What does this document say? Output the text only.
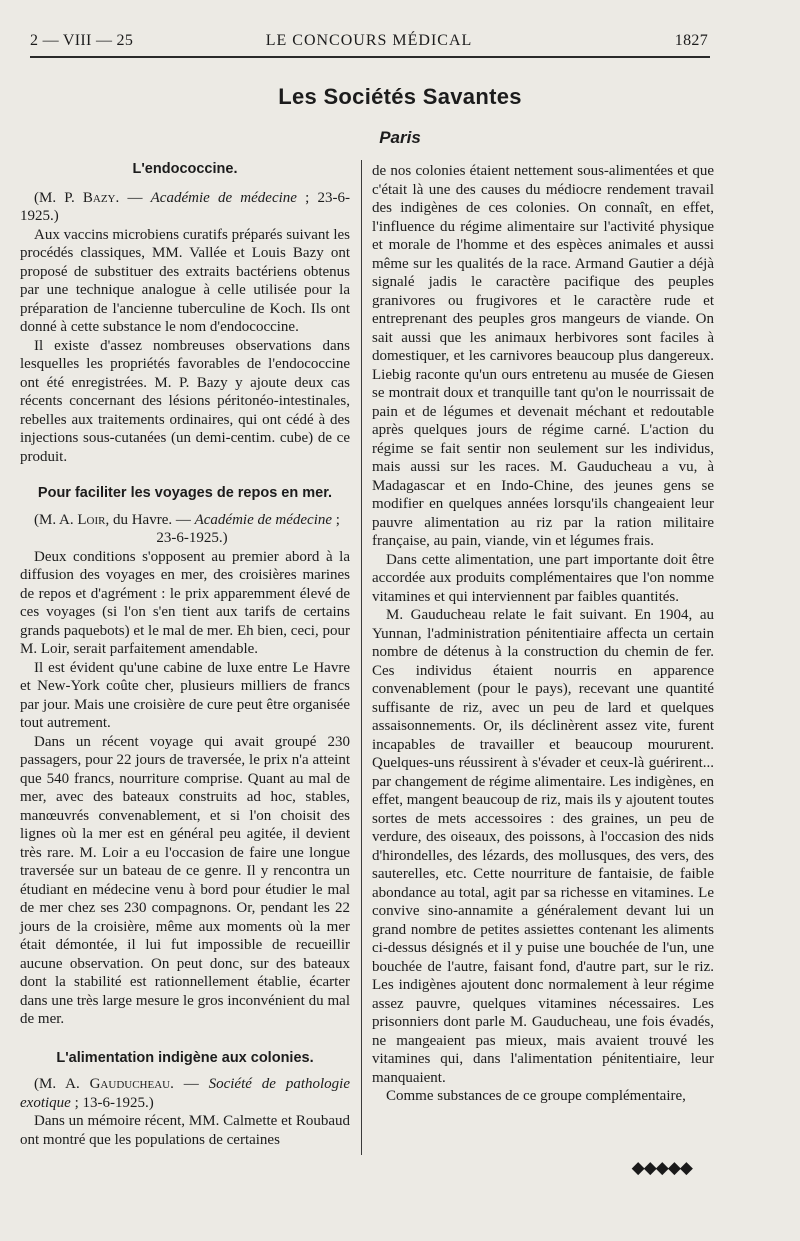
2 — VIII — 25	LE CONCOURS MÉDICAL	1827
Les Sociétés Savantes
Paris
L'endococcine.

(M. P. Bazy. — Académie de médecine ; 23-6-1925.)

Aux vaccins microbiens curatifs préparés suivant les procédés classiques, MM. Vallée et Louis Bazy ont proposé de substituer des extraits bactériens obtenus par une technique analogue à celle utilisée pour la préparation de l'ancienne tuberculine de Koch. Ils ont donné à cette substance le nom d'endococcine.

Il existe d'assez nombreuses observations dans lesquelles les propriétés favorables de l'endococcine ont été enregistrées. M. P. Bazy y ajoute deux cas récents concernant des lésions péritonéo-intestinales, rebelles aux traitements ordinaires, qui ont cédé à des injections sous-cutanées (un demi-centim. cube) de ce produit.

Pour faciliter les voyages de repos en mer.

(M. A. Loir, du Havre. — Académie de médecine ;
23-6-1925.)

Deux conditions s'opposent au premier abord à la diffusion des voyages en mer, des croisières marines de repos et d'agrément : le prix apparemment élevé de ces voyages (si l'on s'en tient aux tarifs de certains grands paquebots) et le mal de mer. Eh bien, ceci, pour M. Loir, serait parfaitement amendable.

Il est évident qu'une cabine de luxe entre Le Havre et New-York coûte cher, plusieurs milliers de francs par jour. Mais une croisière de cure peut être organisée tout autrement.

Dans un récent voyage qui avait groupé 230 passagers, pour 22 jours de traversée, le prix n'a atteint que 540 francs, nourriture comprise. Quant au mal de mer, avec des bateaux construits ad hoc, stables, manœuvrés convenablement, et si l'on choisit des lignes où la mer est en général peu agitée, il devient très rare. M. Loir a eu l'occasion de faire une longue traversée sur un bateau de ce genre. Il y rencontra un étudiant en médecine venu à bord pour étudier le mal de mer chez ses 230 compagnons. Or, pendant les 22 jours de la croisière, même aux moments où la mer était démontée, il lui fut impossible de recueillir aucune observation. On peut donc, sur des bateaux dont la stabilité est rationnellement établie, écarter dans une très large mesure le gros inconvénient du mal de mer.

L'alimentation indigène aux colonies.

(M. A. Gauducheau. — Société de pathologie exotique ; 13-6-1925.)

Dans un mémoire récent, MM. Calmette et Roubaud ont montré que les populations de certaines

de nos colonies étaient nettement sous-alimentées et que c'était là une des causes du médiocre rendement travail des indigènes de ces colonies. On connaît, en effet, l'influence du régime alimentaire sur l'activité physique et morale de l'homme et des espèces animales et aussi même sur les qualités de la race. Armand Gautier a déjà signalé jadis le caractère pacifique des peuples granivores ou frugivores et le caractère rude et entreprenant des peuples gros mangeurs de viande. On sait aussi que les animaux herbivores sont faciles à domestiquer, et les carnivores beaucoup plus dangereux. Liebig raconte qu'un ours entretenu au musée de Giesen se montrait doux et tranquille tant qu'on le nourrissait de pain et de légumes et devenait méchant et redoutable après quelques jours de régime carné. L'action du régime se fait sentir non seulement sur les individus, mais aussi sur les races. M. Gauducheau a vu, à Madagascar et en Indo-Chine, des jeunes gens se modifier en quelques années lorsqu'ils changeaient leur pauvre alimentation au riz par la ration militaire française, au pain, viande, vin et légumes frais.

Dans cette alimentation, une part importante doit être accordée aux produits complémentaires que l'on nomme vitamines et qui interviennent par faibles quantités.

M. Gauducheau relate le fait suivant. En 1904, au Yunnan, l'administration pénitentiaire affecta un certain nombre de détenus à la construction du chemin de fer. Ces individus étaient nourris en apparence convenablement (pour le pays), recevant une quantité suffisante de riz, avec un peu de lard et quelques assaisonnements. Or, ils déclinèrent assez vite, furent incapables de travailler et beaucoup moururent. Quelques-uns réussirent à s'évader et ceux-là guérirent... par changement de régime alimentaire. Les indigènes, en effet, mangent beaucoup de riz, mais ils y ajoutent toutes sortes de mets accessoires : des graines, un peu de verdure, des oiseaux, des poissons, à l'occasion des nids d'hirondelles, des lézards, des mollusques, des vers, des sauterelles, etc. Cette nourriture de fantaisie, de faible abondance au total, agit par sa richesse en vitamines. Le convive sino-annamite a généralement devant lui un grand nombre de petites assiettes contenant les aliments ci-dessus désignés et il y puise une bouchée de l'un, une bouchée de l'autre, faisant fond, d'autre part, sur le riz. Les indigènes ajoutent donc normalement à leur régime assez pauvre, quelques vitamines nécessaires. Les prisonniers dont parle M. Gauducheau, une fois évadés, ne mangeaient pas mieux, mais avaient trouvé les vitamines qui, dans l'alimentation pénitentiaire, leur manquaient.

Comme substances de ce groupe complémentaire,

◆◆◆◆◆
